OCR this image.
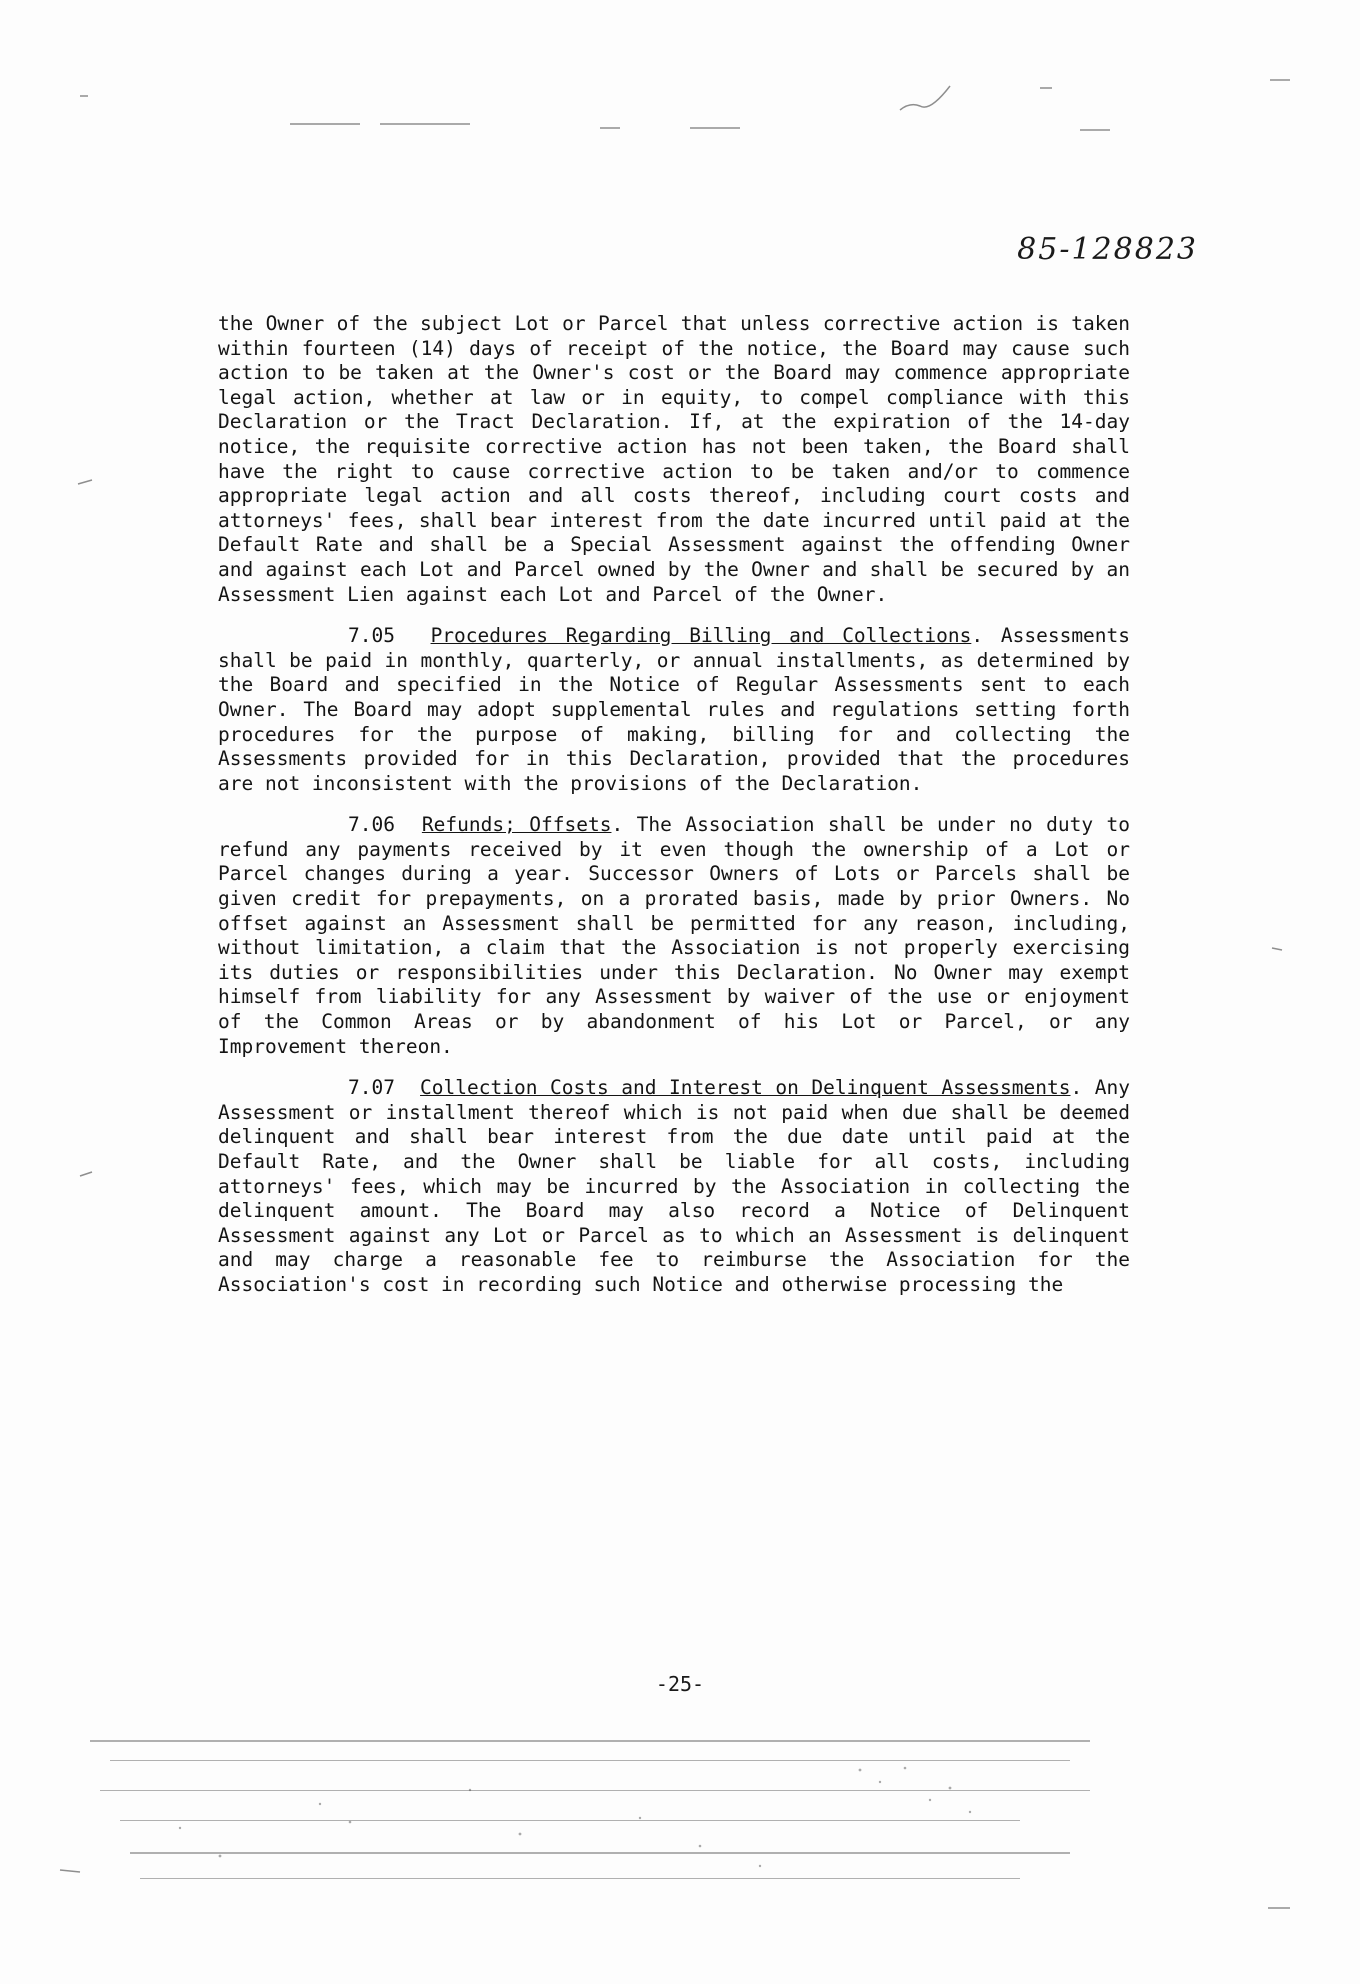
85-128823

the Owner of the subject Lot or Parcel that unless corrective action is taken within fourteen (14) days of receipt of the notice, the Board may cause such action to be taken at the Owner's cost or the Board may commence appropriate legal action, whether at law or in equity, to compel compliance with this Declaration or the Tract Declaration. If, at the expiration of the 14-day notice, the requisite corrective action has not been taken, the Board shall have the right to cause corrective action to be taken and/or to commence appropriate legal action and all costs thereof, including court costs and attorneys' fees, shall bear interest from the date incurred until paid at the Default Rate and shall be a Special Assessment against the offending Owner and against each Lot and Parcel owned by the Owner and shall be secured by an Assessment Lien against each Lot and Parcel of the Owner.

7.05 Procedures Regarding Billing and Collections. Assessments shall be paid in monthly, quarterly, or annual installments, as determined by the Board and specified in the Notice of Regular Assessments sent to each Owner. The Board may adopt supplemental rules and regulations setting forth procedures for the purpose of making, billing for and collecting the Assessments provided for in this Declaration, provided that the procedures are not inconsistent with the provisions of the Declaration.

7.06 Refunds; Offsets. The Association shall be under no duty to refund any payments received by it even though the ownership of a Lot or Parcel changes during a year. Successor Owners of Lots or Parcels shall be given credit for prepayments, on a prorated basis, made by prior Owners. No offset against an Assessment shall be permitted for any reason, including, without limitation, a claim that the Association is not properly exercising its duties or responsibilities under this Declaration. No Owner may exempt himself from liability for any Assessment by waiver of the use or enjoyment of the Common Areas or by abandonment of his Lot or Parcel, or any Improvement thereon.

7.07 Collection Costs and Interest on Delinquent Assessments. Any Assessment or installment thereof which is not paid when due shall be deemed delinquent and shall bear interest from the due date until paid at the Default Rate, and the Owner shall be liable for all costs, including attorneys' fees, which may be incurred by the Association in collecting the delinquent amount. The Board may also record a Notice of Delinquent Assessment against any Lot or Parcel as to which an Assessment is delinquent and may charge a reasonable fee to reimburse the Association for the Association's cost in recording such Notice and otherwise processing the

-25-
